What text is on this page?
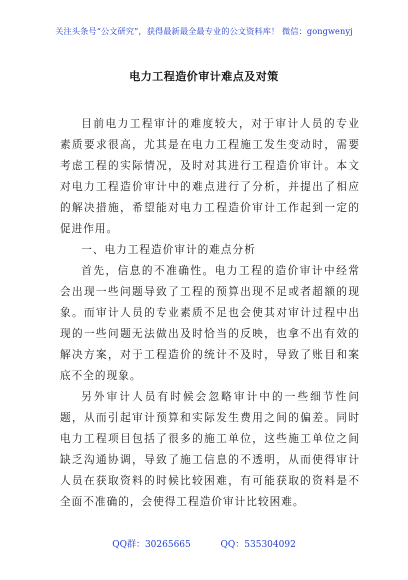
关注头条号“公文研究”，获得最新最全最专业的公文资料库！ 微信：gongwenyj
电力工程造价审计难点及对策

目前电力工程审计的难度较大，对于审计人员的专业素质要求很高，尤其是在电力工程施工发生变动时，需要考虑工程的实际情况，及时对其进行工程造价审计。本文对电力工程造价审计中的难点进行了分析，并提出了相应的解决措施，希望能对电力工程造价审计工作起到一定的促进作用。

一、电力工程造价审计的难点分析

首先，信息的不准确性。电力工程的造价审计中经常会出现一些问题导致了工程的预算出现不足或者超额的现象。而审计人员的专业素质不足也会使其对审计过程中出现的一些问题无法做出及时恰当的反映，也拿不出有效的解决方案，对于工程造价的统计不及时，导致了账目和案底不全的现象。

另外审计人员有时候会忽略审计中的一些细节性问题，从而引起审计预算和实际发生费用之间的偏差。同时电力工程项目包括了很多的施工单位，这些施工单位之间缺乏沟通协调，导致了施工信息的不透明，从而使得审计人员在获取资料的时候比较困难，有可能获取的资料是不全面不准确的，会使得工程造价审计比较困难。

QQ群：30265665	QQ：535304092
